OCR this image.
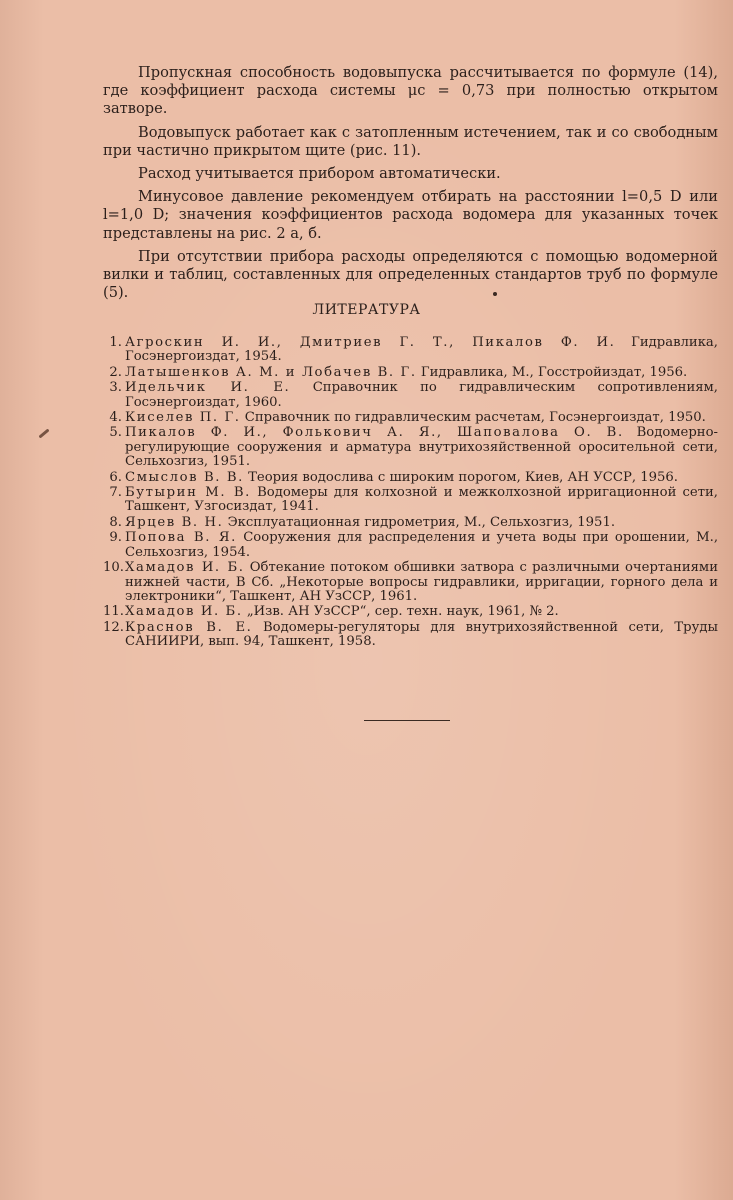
Пропускная способность водовыпуска рассчитывается по формуле (14), где коэффициент расхода системы μс = 0,73 при полностью открытом затворе.

Водовыпуск работает как с затопленным истечением, так и со свободным при частично прикрытом щите (рис. 11).

Расход учитывается прибором автоматически.

Минусовое давление рекомендуем отбирать на расстоянии l=0,5 D или l=1,0 D; значения коэффициентов расхода водомера для указанных точек представлены на рис. 2 а, б.

При отсутствии прибора расходы определяются с помощью водомерной вилки и таблиц, составленных для определенных стандартов труб по формуле (5).

ЛИТЕРАТУРА
1. Агроскин И. И., Дмитриев Г. Т., Пикалов Ф. И. Гидравлика, Госэнергоиздат, 1954.
2. Латышенков А. М. и Лобачев В. Г. Гидравлика, М., Госстройиздат, 1956.
3. Идельчик И. Е. Справочник по гидравлическим сопротивлениям, Госэнергоиздат, 1960.
4. Киселев П. Г. Справочник по гидравлическим расчетам, Госэнергоиздат, 1950.
5. Пикалов Ф. И., Фолькович А. Я., Шаповалова О. В. Водомерно-регулирующие сооружения и арматура внутрихозяйственной оросительной сети, Сельхозгиз, 1951.
6. Смыслов В. В. Теория водослива с широким порогом, Киев, АН УССР, 1956.
7. Бутырин М. В. Водомеры для колхозной и межколхозной ирригационной сети, Ташкент, Узгосиздат, 1941.
8. Ярцев В. Н. Эксплуатационная гидрометрия, М., Сельхозгиз, 1951.
9. Попова В. Я. Сооружения для распределения и учета воды при орошении, М., Сельхозгиз, 1954.
10. Хамадов И. Б. Обтекание потоком обшивки затвора с различными очертаниями нижней части, В Сб. „Некоторые вопросы гидравлики, ирригации, горного дела и электроники“, Ташкент, АН УзССР, 1961.
11. Хамадов И. Б. „Изв. АН УзССР“, сер. техн. наук, 1961, № 2.
12. Краснов В. Е. Водомеры-регуляторы для внутрихозяйственной сети, Труды САНИИРИ, вып. 94, Ташкент, 1958.
